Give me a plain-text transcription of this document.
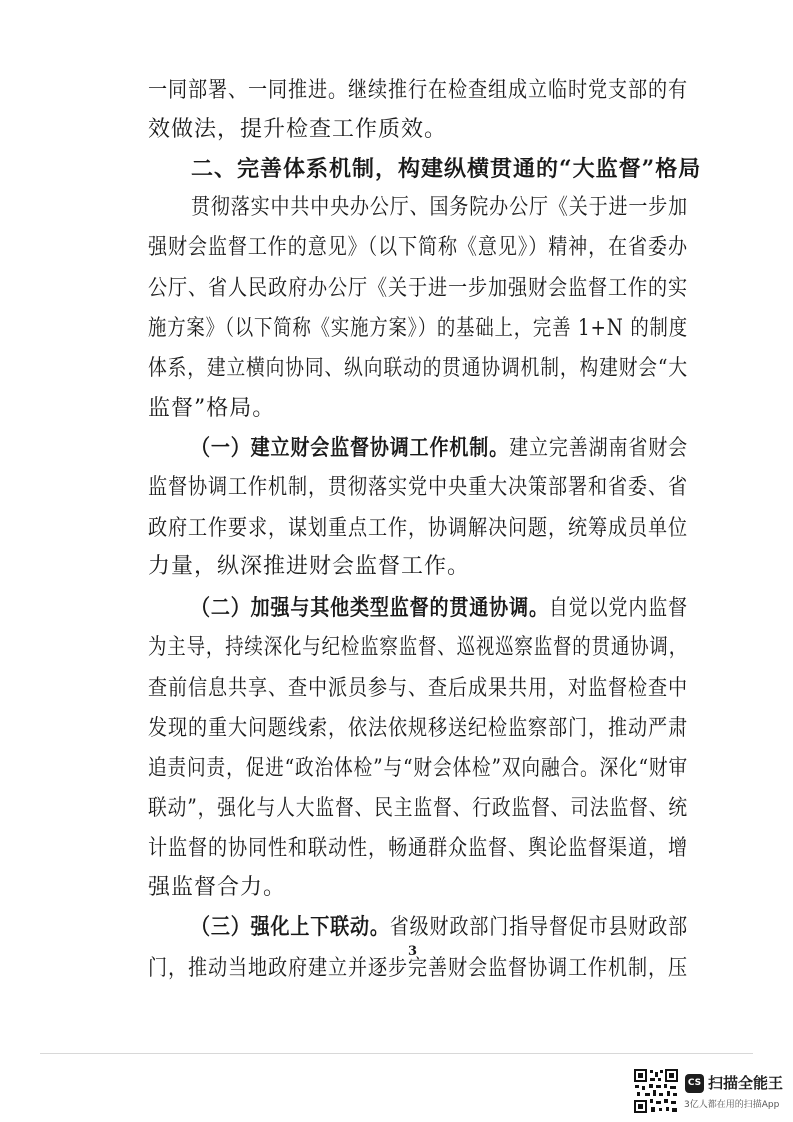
一同部署、一同推进。继续推行在检查组成立临时党支部的有
效做法，提升检查工作质效。
二、完善体系机制，构建纵横贯通的“大监督”格局
贯彻落实中共中央办公厅、国务院办公厅《关于进一步加
强财会监督工作的意见》（以下简称《意见》）精神，在省委办
公厅、省人民政府办公厅《关于进一步加强财会监督工作的实
施方案》（以下简称《实施方案》）的基础上，完善 1+N 的制度
体系，建立横向协同、纵向联动的贯通协调机制，构建财会“大
监督”格局。
（一）建立财会监督协调工作机制。建立完善湖南省财会
监督协调工作机制，贯彻落实党中央重大决策部署和省委、省
政府工作要求，谋划重点工作，协调解决问题，统筹成员单位
力量，纵深推进财会监督工作。
（二）加强与其他类型监督的贯通协调。自觉以党内监督
为主导，持续深化与纪检监察监督、巡视巡察监督的贯通协调，
查前信息共享、查中派员参与、查后成果共用，对监督检查中
发现的重大问题线索，依法依规移送纪检监察部门，推动严肃
追责问责，促进“政治体检”与“财会体检”双向融合。深化“财审
联动”，强化与人大监督、民主监督、行政监督、司法监督、统
计监督的协同性和联动性，畅通群众监督、舆论监督渠道，增
强监督合力。
（三）强化上下联动。省级财政部门指导督促市县财政部
门，推动当地政府建立并逐步完善财会监督协调工作机制，压
3
CS 扫描全能王
3亿人都在用的扫描App
